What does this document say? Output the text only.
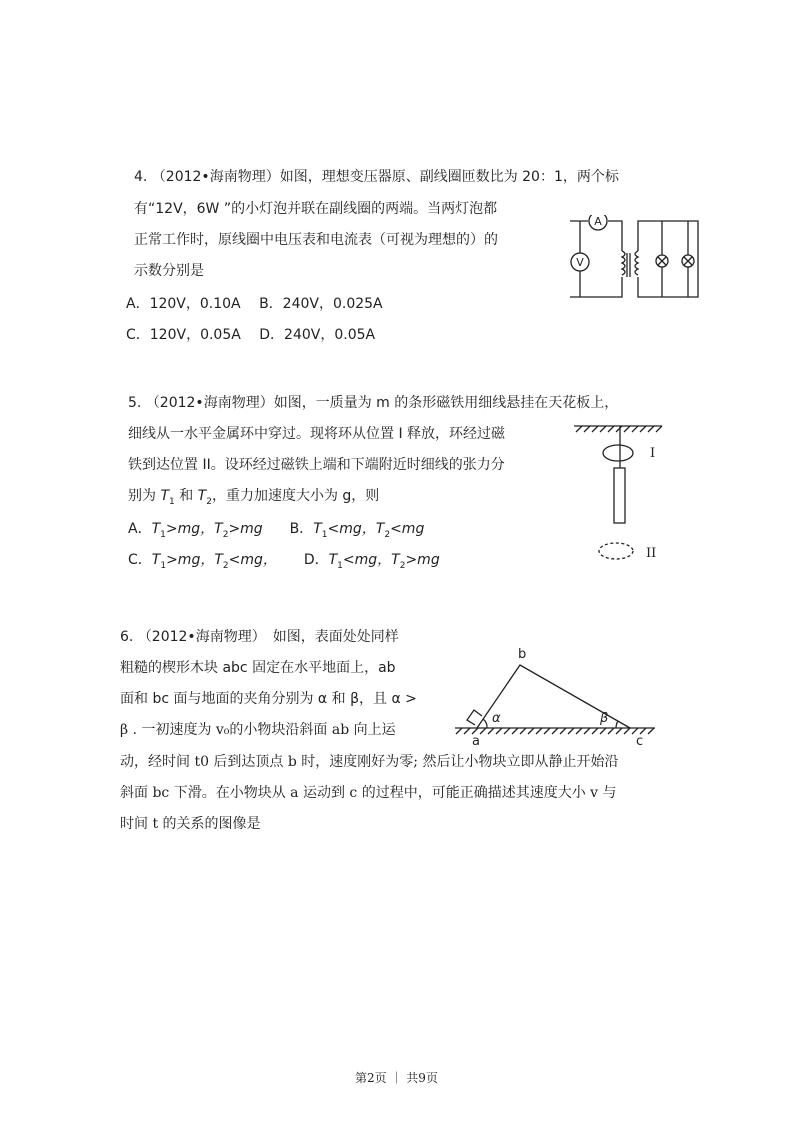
4. （2012•海南物理）如图，理想变压器原、副线圈匝数比为 20：1，两个标
有“12V，6W ”的小灯泡并联在副线圈的两端。当两灯泡都
正常工作时，原线圈中电压表和电流表（可视为理想的）的
示数分别是
A．120V，0.10A　 B．240V，0.025A
C．120V，0.05A　 D．240V，0.05A
A
V
5. （2012•海南物理）如图，一质量为 m 的条形磁铁用细线悬挂在天花板上，
细线从一水平金属环中穿过。现将环从位置 I 释放，环经过磁
铁到达位置 II。设环经过磁铁上端和下端附近时细线的张力分
别为 $T_1$ 和 $T_2$，重力加速度大小为 g，则
A．$T_1>mg$，$T_2>mg$ B．$T_1<mg$，$T_2<mg$
C．$T_1>mg$，$T_2<mg$， D．$T_1<mg$，$T_2>mg$
I
II
6. （2012•海南物理）　如图，表面处处同样
粗糙的楔形木块 abc 固定在水平地面上，ab
面和 bc 面与地面的夹角分别为 α 和 β，且 α >
β . 一初速度为 v₀的小物块沿斜面 ab 向上运
动，经时间 t0 后到达顶点 b 时，速度刚好为零; 然后让小物块立即从静止开始沿
斜面 bc 下滑。在小物块从 a 运动到 c 的过程中，可能正确描述其速度大小 v 与
时间 t 的关系的图像是
b
a	c
α	β
第2页 ｜ 共9页
